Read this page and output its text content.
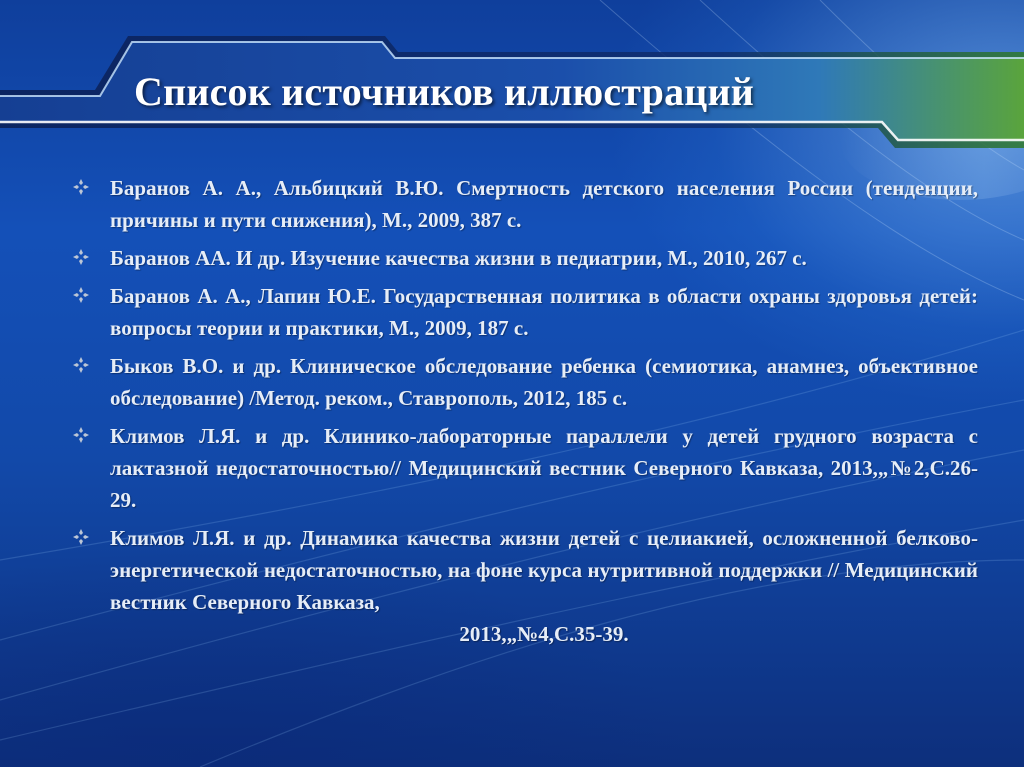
Список источников иллюстраций
Баранов А. А., Альбицкий В.Ю. Смертность детского населения России (тенденции, причины и пути снижения), М., 2009, 387 с.
Баранов АА. И др. Изучение качества жизни в педиатрии, М., 2010, 267 с.
Баранов А. А., Лапин Ю.Е. Государственная политика в области охраны здоровья детей: вопросы теории и практики, М., 2009, 187 с.
Быков В.О. и др. Клиническое обследование ребенка (семиотика, анамнез, объективное обследование) /Метод. реком., Ставрополь, 2012, 185 с.
Климов Л.Я. и др. Клинико-лабораторные параллели у детей грудного возраста с лактазной недостаточностью// Медицинский вестник Северного Кавказа, 2013,„№2,С.26-29.
Климов Л.Я. и др. Динамика качества жизни детей с целиакией, осложненной белково-энергетической недостаточностью, на фоне курса нутритивной поддержки // Медицинский вестник Северного Кавказа,
2013,„№4,С.35-39.
